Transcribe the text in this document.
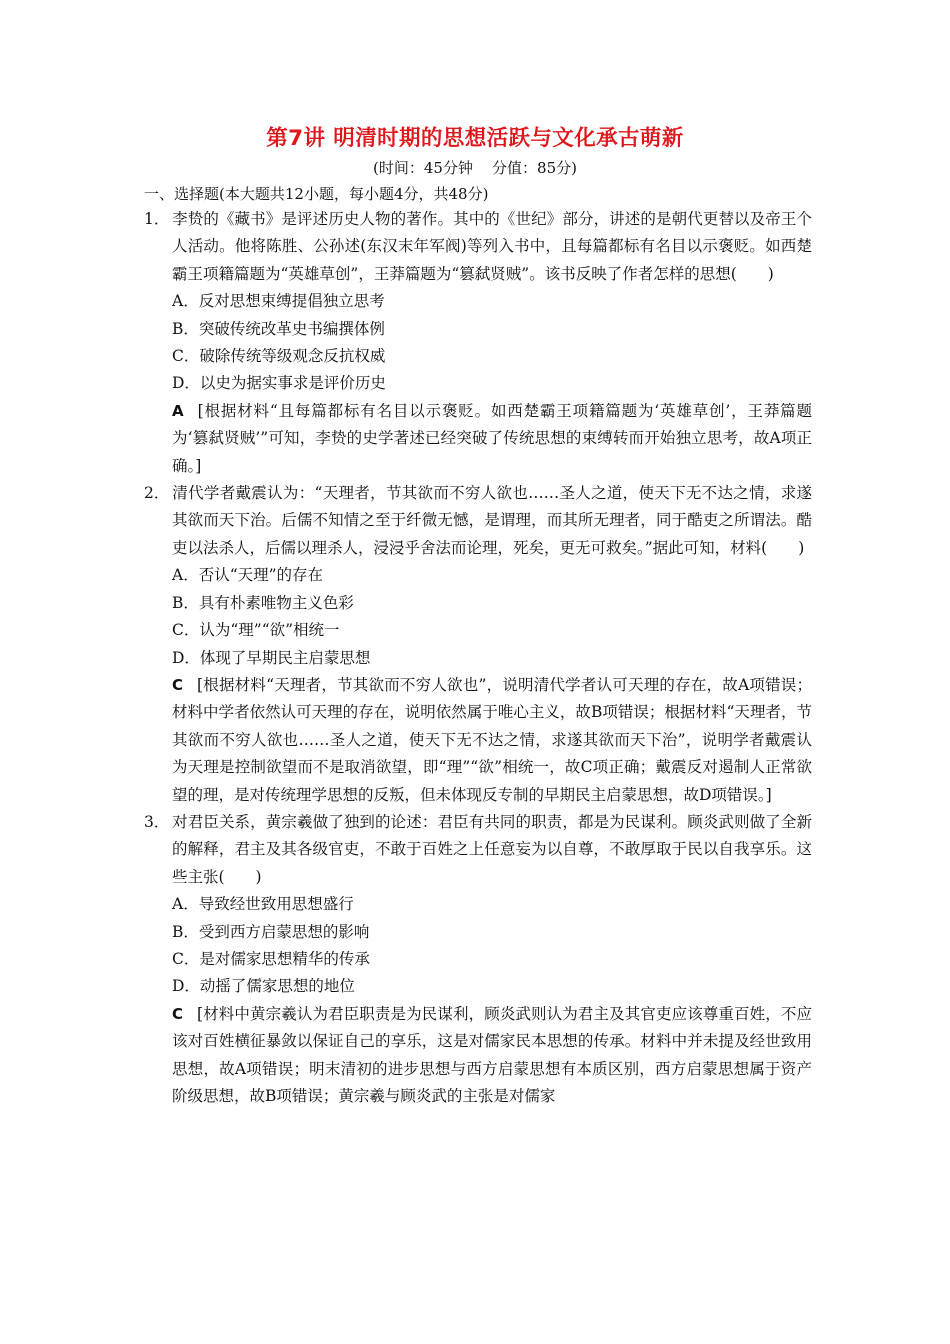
第7讲 明清时期的思想活跃与文化承古萌新
(时间：45分钟    分值：85分)
一、选择题(本大题共12小题，每小题4分，共48分)
1． 李贽的《藏书》是评述历史人物的著作。其中的《世纪》部分，讲述的是朝代更替以及帝王个人活动。他将陈胜、公孙述(东汉末年军阀)等列入书中，且每篇都标有名目以示褒贬。如西楚霸王项籍篇题为“英雄草创”，王莽篇题为“篡弑贤贼”。该书反映了作者怎样的思想(　　)
A．反对思想束缚提倡独立思考
B．突破传统改革史书编撰体例
C．破除传统等级观念反抗权威
D．以史为据实事求是评价历史
A [根据材料“且每篇都标有名目以示褒贬。如西楚霸王项籍篇题为‘英雄草创’，王莽篇题为‘篡弑贤贼’”可知，李贽的史学著述已经突破了传统思想的束缚转而开始独立思考，故A项正确。]
2． 清代学者戴震认为：“天理者，节其欲而不穷人欲也……圣人之道，使天下无不达之情，求遂其欲而天下治。后儒不知情之至于纤微无憾，是谓理，而其所无理者，同于酷吏之所谓法。酷吏以法杀人，后儒以理杀人，浸浸乎舍法而论理，死矣，更无可救矣。”据此可知，材料(　　)
A．否认“天理”的存在
B．具有朴素唯物主义色彩
C．认为“理”“欲”相统一
D．体现了早期民主启蒙思想
C [根据材料“天理者，节其欲而不穷人欲也”，说明清代学者认可天理的存在，故A项错误；材料中学者依然认可天理的存在，说明依然属于唯心主义，故B项错误；根据材料“天理者，节其欲而不穷人欲也……圣人之道，使天下无不达之情，求遂其欲而天下治”，说明学者戴震认为天理是控制欲望而不是取消欲望，即“理”“欲”相统一，故C项正确；戴震反对遏制人正常欲望的理，是对传统理学思想的反叛，但未体现反专制的早期民主启蒙思想，故D项错误。]
3． 对君臣关系，黄宗羲做了独到的论述：君臣有共同的职责，都是为民谋利。顾炎武则做了全新的解释，君主及其各级官吏，不敢于百姓之上任意妄为以自尊，不敢厚取于民以自我享乐。这些主张(　　)
A．导致经世致用思想盛行
B．受到西方启蒙思想的影响
C．是对儒家思想精华的传承
D．动摇了儒家思想的地位
C [材料中黄宗羲认为君臣职责是为民谋利，顾炎武则认为君主及其官吏应该尊重百姓，不应该对百姓横征暴敛以保证自己的享乐，这是对儒家民本思想的传承。材料中并未提及经世致用思想，故A项错误；明末清初的进步思想与西方启蒙思想有本质区别，西方启蒙思想属于资产阶级思想，故B项错误；黄宗羲与顾炎武的主张是对儒家
